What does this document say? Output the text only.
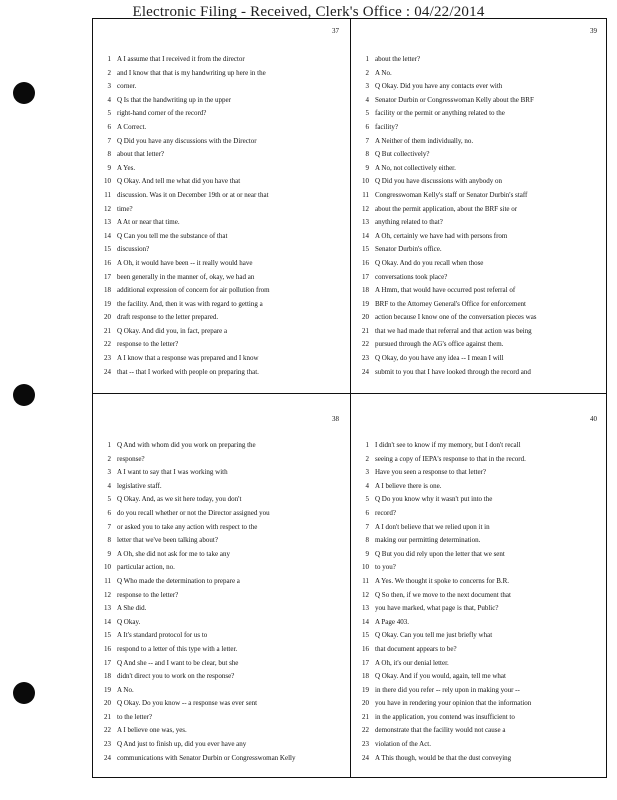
Electronic Filing - Received, Clerk's Office : 04/22/2014
37
1 A I assume that I received it from the director
2 and I know that that is my handwriting up here in the
3 corner.
4 Q Is that the handwriting up in the upper
5 right-hand corner of the record?
6 A Correct.
7 Q Did you have any discussions with the Director
8 about that letter?
9 A Yes.
10 Q Okay. And tell me what did you have that
11 discussion. Was it on December 19th or at or near that
12 time?
13 A At or near that time.
14 Q Can you tell me the substance of that
15 discussion?
16 A Oh, it would have been -- it really would have
17 been generally in the manner of, okay, we had an
18 additional expression of concern for air pollution from
19 the facility. And, then it was with regard to getting a
20 draft response to the letter prepared.
21 Q Okay. And did you, in fact, prepare a
22 response to the letter?
23 A I know that a response was prepared and I know
24 that -- that I worked with people on preparing that.
39
1 about the letter?
2 A No.
3 Q Okay. Did you have any contacts ever with
4 Senator Durbin or Congresswoman Kelly about the BRF
5 facility or the permit or anything related to the
6 facility?
7 A Neither of them individually, no.
8 Q But collectively?
9 A No, not collectively either.
10 Q Did you have discussions with anybody on
11 Congresswoman Kelly's staff or Senator Durbin's staff
12 about the permit application, about the BRF site or
13 anything related to that?
14 A Oh, certainly we have had with persons from
15 Senator Durbin's office.
16 Q Okay. And do you recall when those
17 conversations took place?
18 A Hmm, that would have occurred post referral of
19 BRF to the Attorney General's Office for enforcement
20 action because I know one of the conversation pieces was
21 that we had made that referral and that action was being
22 pursued through the AG's office against them.
23 Q Okay, do you have any idea -- I mean I will
24 submit to you that I have looked through the record and
38
1 Q And with whom did you work on preparing the
2 response?
3 A I want to say that I was working with
4 legislative staff.
5 Q Okay. And, as we sit here today, you don't
6 do you recall whether or not the Director assigned you
7 or asked you to take any action with respect to the
8 letter that we've been talking about?
9 A Oh, she did not ask for me to take any
10 particular action, no.
11 Q Who made the determination to prepare a
12 response to the letter?
13 A She did.
14 Q Okay.
15 A It's standard protocol for us to
16 respond to a letter of this type with a letter.
17 Q And she -- and I want to be clear, but she
18 didn't direct you to work on the response?
19 A No.
20 Q Okay. Do you know -- a response was ever sent
21 to the letter?
22 A I believe one was, yes.
23 Q And just to finish up, did you ever have any
24 communications with Senator Durbin or Congresswoman Kelly
40
1 I didn't see to know if my memory, but I don't recall
2 seeing a copy of IEPA's response to that in the record.
3 Have you seen a response to that letter?
4 A I believe there is one.
5 Q Do you know why it wasn't put into the
6 record?
7 A I don't believe that we relied upon it in
8 making our permitting determination.
9 Q But you did rely upon the letter that we sent
10 to you?
11 A Yes. We thought it spoke to concerns for B.R.
12 Q So then, if we move to the next document that
13 you have marked, what page is that, Public?
14 A Page 403.
15 Q Okay. Can you tell me just briefly what
16 that document appears to be?
17 A Oh, it's our denial letter.
18 Q Okay. And if you would, again, tell me what
19 in there did you refer -- rely upon in making your --
20 you have in rendering your opinion that the information
21 in the application, you contend was insufficient to
22 demonstrate that the facility would not cause a
23 violation of the Act.
24 A This though, would be that the dust conveying
